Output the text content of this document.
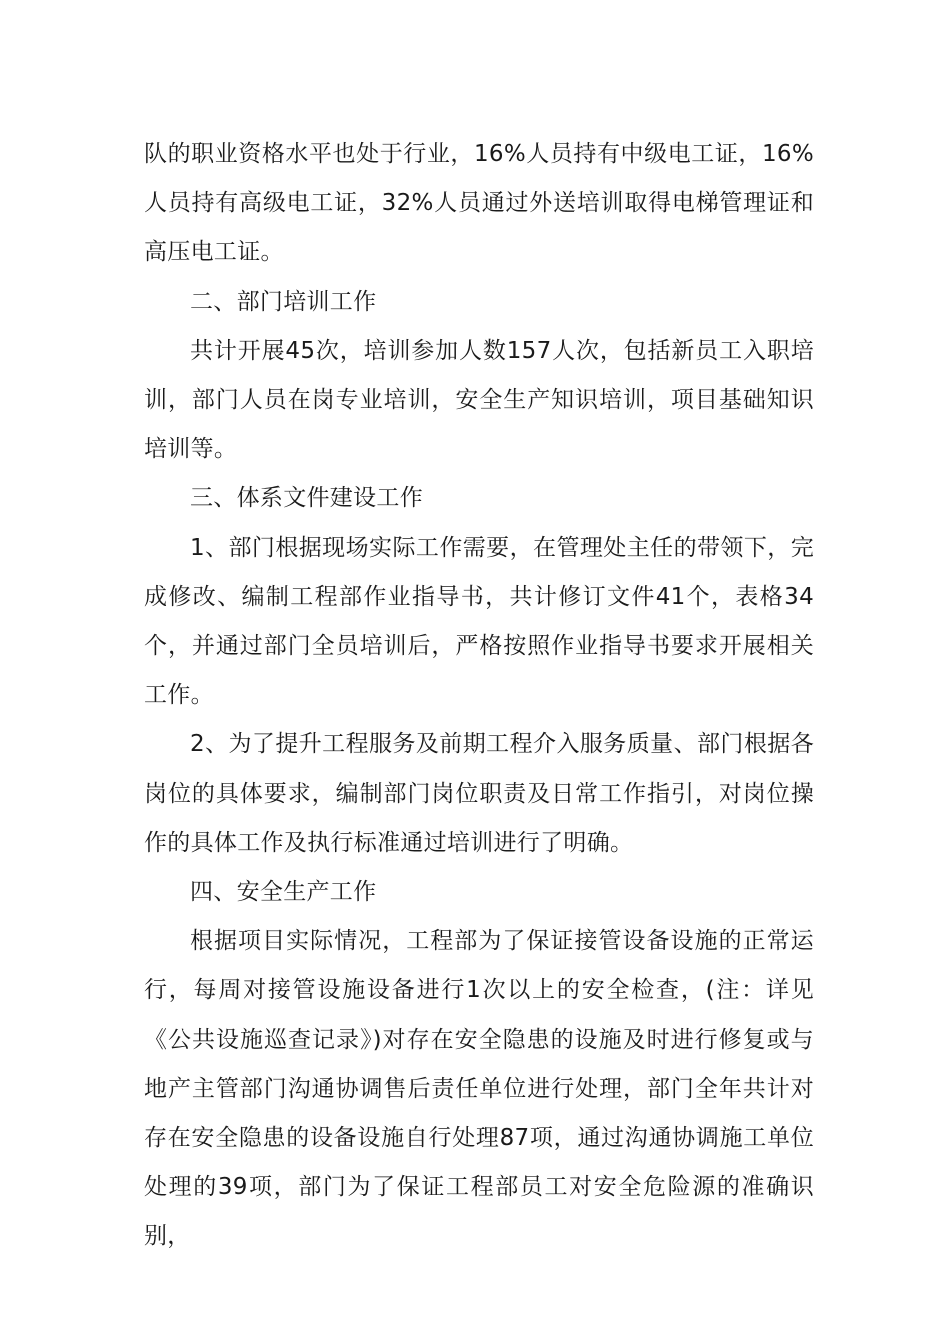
队的职业资格水平也处于行业，16%人员持有中级电工证，16%人员持有高级电工证，32%人员通过外送培训取得电梯管理证和高压电工证。

二、部门培训工作

共计开展45次，培训参加人数157人次，包括新员工入职培训，部门人员在岗专业培训，安全生产知识培训，项目基础知识培训等。

三、体系文件建设工作

1、部门根据现场实际工作需要，在管理处主任的带领下，完成修改、编制工程部作业指导书，共计修订文件41个，表格34个，并通过部门全员培训后，严格按照作业指导书要求开展相关工作。

2、为了提升工程服务及前期工程介入服务质量、部门根据各岗位的具体要求，编制部门岗位职责及日常工作指引，对岗位操作的具体工作及执行标准通过培训进行了明确。

四、安全生产工作

根据项目实际情况，工程部为了保证接管设备设施的正常运行，每周对接管设施设备进行1次以上的安全检查，(注：详见《公共设施巡查记录》)对存在安全隐患的设施及时进行修复或与地产主管部门沟通协调售后责任单位进行处理，部门全年共计对存在安全隐患的设备设施自行处理87项，通过沟通协调施工单位处理的39项，部门为了保证工程部员工对安全危险源的准确识别，
